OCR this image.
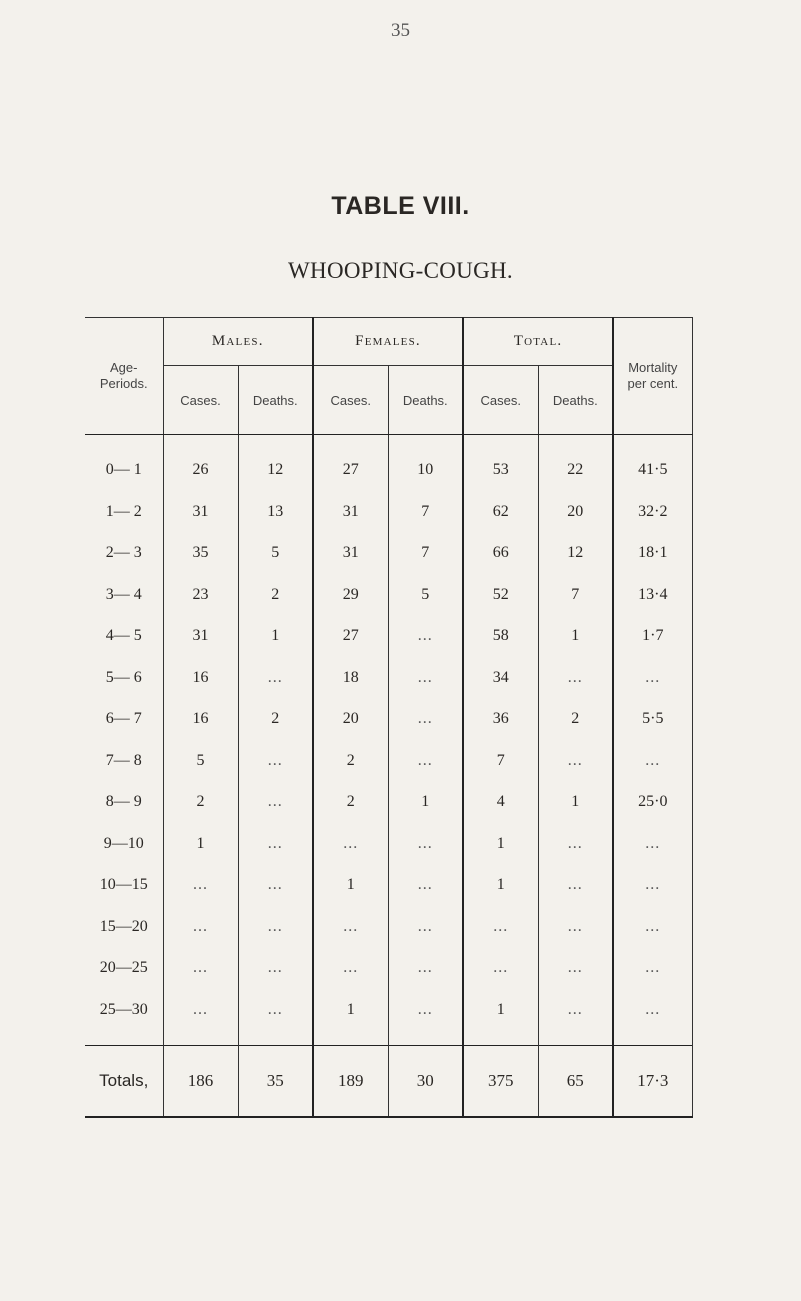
35
TABLE VIII.
WHOOPING-COUGH.
Age-
Periods.	Males.		Females.		Total.		Mortality
per cent.
	Cases.	Deaths.	Cases.	Deaths.	Cases.	Deaths.	
0— 1	26	12	27	10	53	22	41·5
1— 2	31	13	31	7	62	20	32·2
2— 3	35	5	31	7	66	12	18·1
3— 4	23	2	29	5	52	7	13·4
4— 5	31	1	27	...	58	1	1·7
5— 6	16	...	18	...	34	...	...
6— 7	16	2	20	...	36	2	5·5
7— 8	5	...	2	...	7	...	...
8— 9	2	...	2	1	4	1	25·0
9—10	1	...	...	...	1	...	...
10—15	...	...	1	...	1	...	...
15—20	...	...	...	...	...	...	...
20—25	...	...	...	...	...	...	...
25—30	...	...	1	...	1	...	...

Totals,	186	35	189	30	375	65	17·3
